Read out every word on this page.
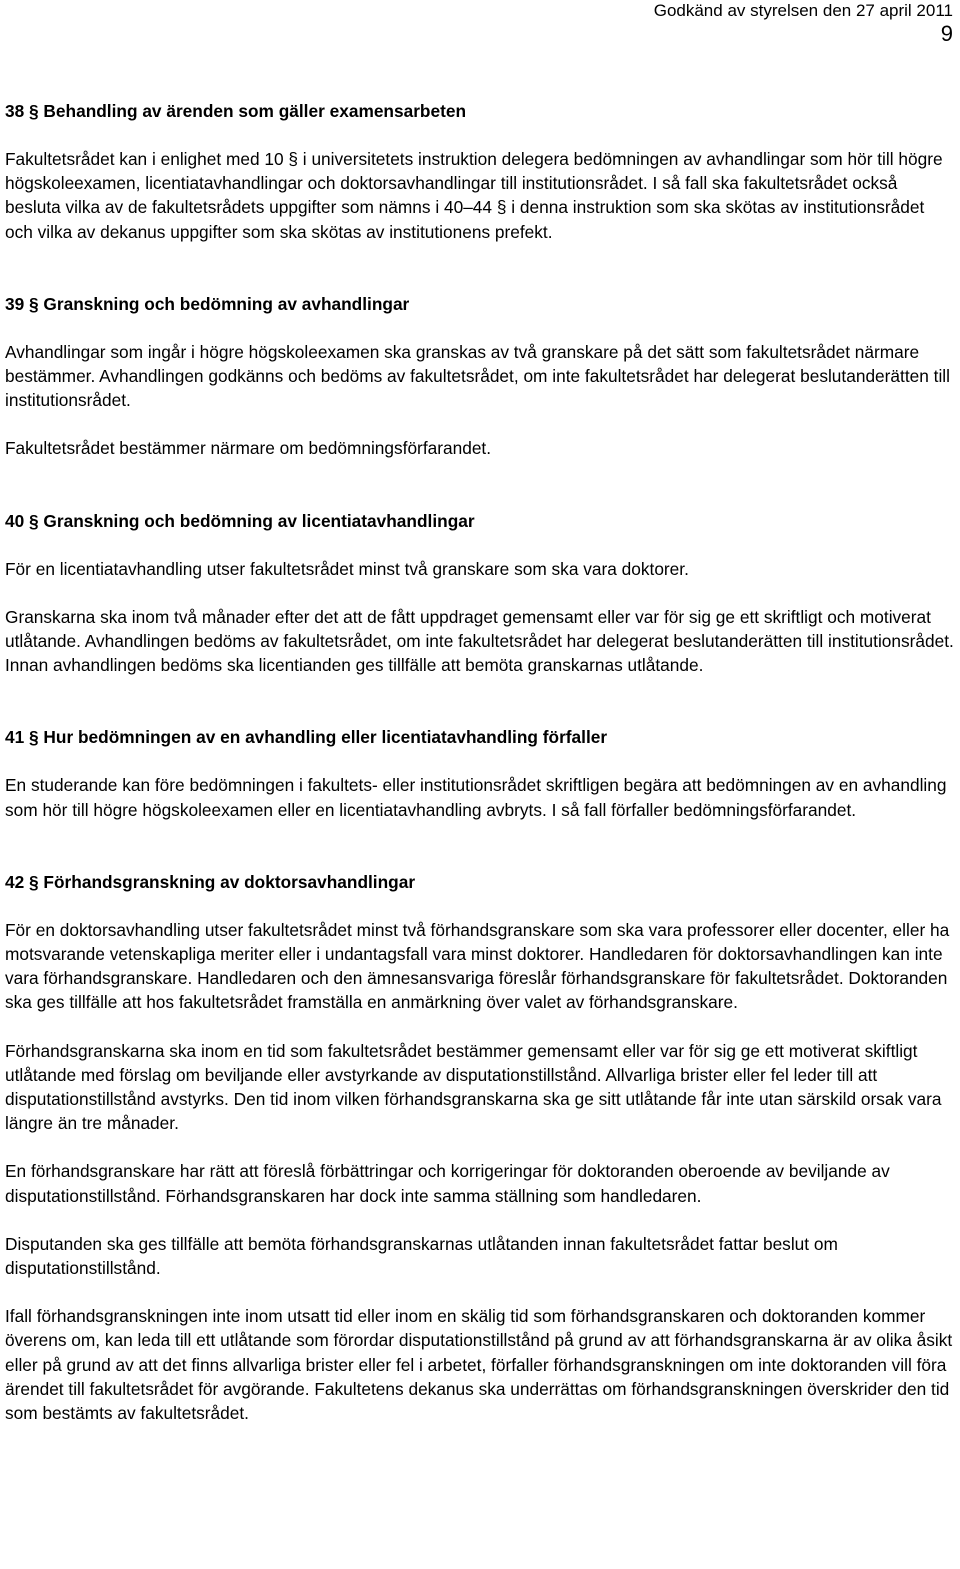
Godkänd av styrelsen den 27 april 2011
9
38 § Behandling av ärenden som gäller examensarbeten

Fakultetsrådet kan i enlighet med 10 § i universitetets instruktion delegera bedömningen av avhandlingar som hör till högre högskoleexamen, licentiatavhandlingar och doktorsavhandlingar till institutionsrådet. I så fall ska fakultetsrådet också besluta vilka av de fakultetsrådets uppgifter som nämns i 40–44 § i denna instruktion som ska skötas av institutionsrådet och vilka av dekanus uppgifter som ska skötas av institutionens prefekt.

39 § Granskning och bedömning av avhandlingar

Avhandlingar som ingår i högre högskoleexamen ska granskas av två granskare på det sätt som fakultetsrådet närmare bestämmer. Avhandlingen godkänns och bedöms av fakultetsrådet, om inte fakultetsrådet har delegerat beslutanderätten till institutionsrådet.

Fakultetsrådet bestämmer närmare om bedömningsförfarandet.

40 § Granskning och bedömning av licentiatavhandlingar

För en licentiatavhandling utser fakultetsrådet minst två granskare som ska vara doktorer.

Granskarna ska inom två månader efter det att de fått uppdraget gemensamt eller var för sig ge ett skriftligt och motiverat utlåtande. Avhandlingen bedöms av fakultetsrådet, om inte fakultetsrådet har delegerat beslutanderätten till institutionsrådet. Innan avhandlingen bedöms ska licentianden ges tillfälle att bemöta granskarnas utlåtande.

41 § Hur bedömningen av en avhandling eller licentiatavhandling förfaller

En studerande kan före bedömningen i fakultets- eller institutionsrådet skriftligen begära att bedömningen av en avhandling som hör till högre högskoleexamen eller en licentiatavhandling avbryts. I så fall förfaller bedömningsförfarandet.

42 § Förhandsgranskning av doktorsavhandlingar

För en doktorsavhandling utser fakultetsrådet minst två förhandsgranskare som ska vara professorer eller docenter, eller ha motsvarande vetenskapliga meriter eller i undantagsfall vara minst doktorer. Handledaren för doktorsavhandlingen kan inte vara förhandsgranskare. Handledaren och den ämnesansvariga föreslår förhandsgranskare för fakultetsrådet. Doktoranden ska ges tillfälle att hos fakultetsrådet framställa en anmärkning över valet av förhandsgranskare.

Förhandsgranskarna ska inom en tid som fakultetsrådet bestämmer gemensamt eller var för sig ge ett motiverat skiftligt utlåtande med förslag om beviljande eller avstyrkande av disputationstillstånd. Allvarliga brister eller fel leder till att disputationstillstånd avstyrks. Den tid inom vilken förhandsgranskarna ska ge sitt utlåtande får inte utan särskild orsak vara längre än tre månader.

En förhandsgranskare har rätt att föreslå förbättringar och korrigeringar för doktoranden oberoende av beviljande av disputationstillstånd. Förhandsgranskaren har dock inte samma ställning som handledaren.

Disputanden ska ges tillfälle att bemöta förhandsgranskarnas utlåtanden innan fakultetsrådet fattar beslut om disputationstillstånd.

Ifall förhandsgranskningen inte inom utsatt tid eller inom en skälig tid som förhandsgranskaren och doktoranden kommer överens om, kan leda till ett utlåtande som förordar disputationstillstånd på grund av att förhandsgranskarna är av olika åsikt eller på grund av att det finns allvarliga brister eller fel i arbetet, förfaller förhandsgranskningen om inte doktoranden vill föra ärendet till fakultetsrådet för avgörande. Fakultetens dekanus ska underrättas om förhandsgranskningen överskrider den tid som bestämts av fakultetsrådet.
